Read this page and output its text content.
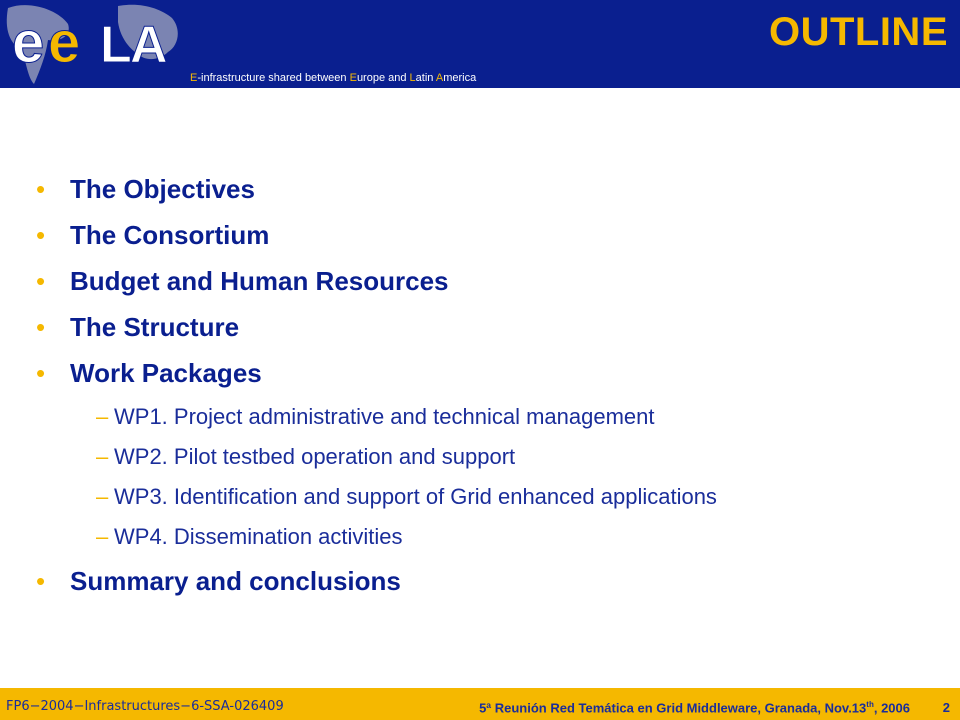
e e L
A
E-infrastructure shared between Europe and Latin America
OUTLINE
• The Objectives
• The Consortium
• Budget and Human Resources
• The Structure
• Work Packages
– WP1. Project administrative and technical management
– WP2. Pilot testbed operation and support
– WP3. Identification and support of Grid enhanced applications
– WP4. Dissemination activities
• Summary and conclusions
FP6−2004−Infrastructures−6-SSA-026409	5ª Reunión Red Temática en Grid Middleware, Granada, Nov.13th, 2006	2
